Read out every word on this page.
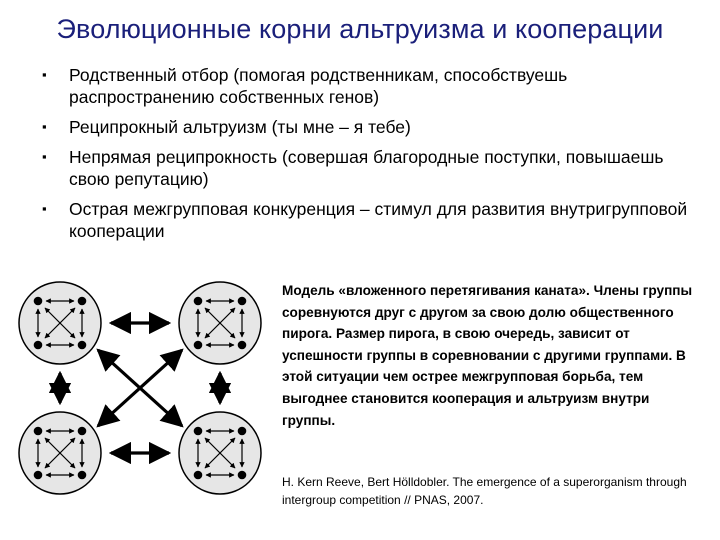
Эволюционные корни альтруизма и кооперации
▪ Родственный отбор (помогая родственникам, способствуешь распространению собственных генов)
▪ Реципрокный альтруизм (ты мне – я тебе)
▪ Непрямая реципрокность (совершая благородные поступки, повышаешь свою репутацию)
▪ Острая межгрупповая конкуренция – стимул для развития внутригрупповой кооперации
Модель «вложенного перетягивания каната». Члены группы соревнуются друг с другом за свою долю общественного пирога. Размер пирога, в свою очередь, зависит от успешности группы в соревновании с другими группами. В этой ситуации чем острее межгрупповая борьба, тем выгоднее становится кооперация и альтруизм внутри группы.
H. Kern Reeve, Bert Hölldobler. The emergence of a superorganism through intergroup competition // PNAS, 2007.
